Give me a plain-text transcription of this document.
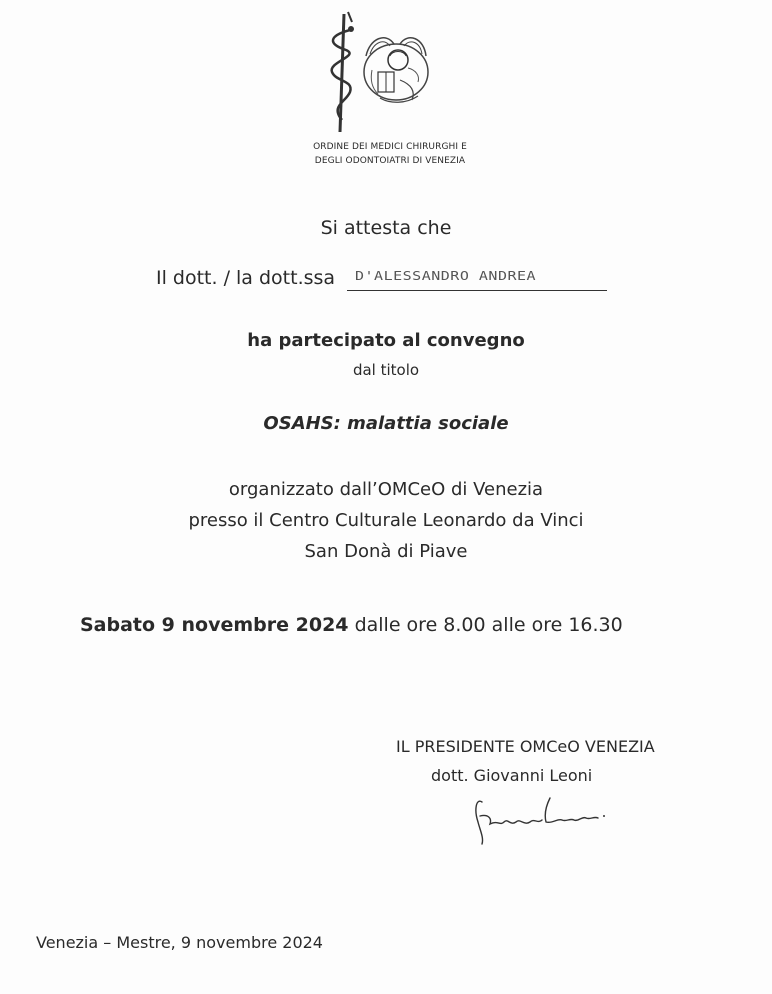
ORDINE DEI MEDICI CHIRURGHI E
DEGLI ODONTOIATRI DI VENEZIA
Si attesta che
Il dott. / la dott.ssa D'ALESSANDRO ANDREA
ha partecipato al convegno
dal titolo
OSAHS: malattia sociale
organizzato dall’OMCeO di Venezia
presso il Centro Culturale Leonardo da Vinci
San Donà di Piave
Sabato 9 novembre 2024 dalle ore 8.00 alle ore 16.30
IL PRESIDENTE OMCeO VENEZIA
dott. Giovanni Leoni
Venezia – Mestre, 9 novembre 2024
